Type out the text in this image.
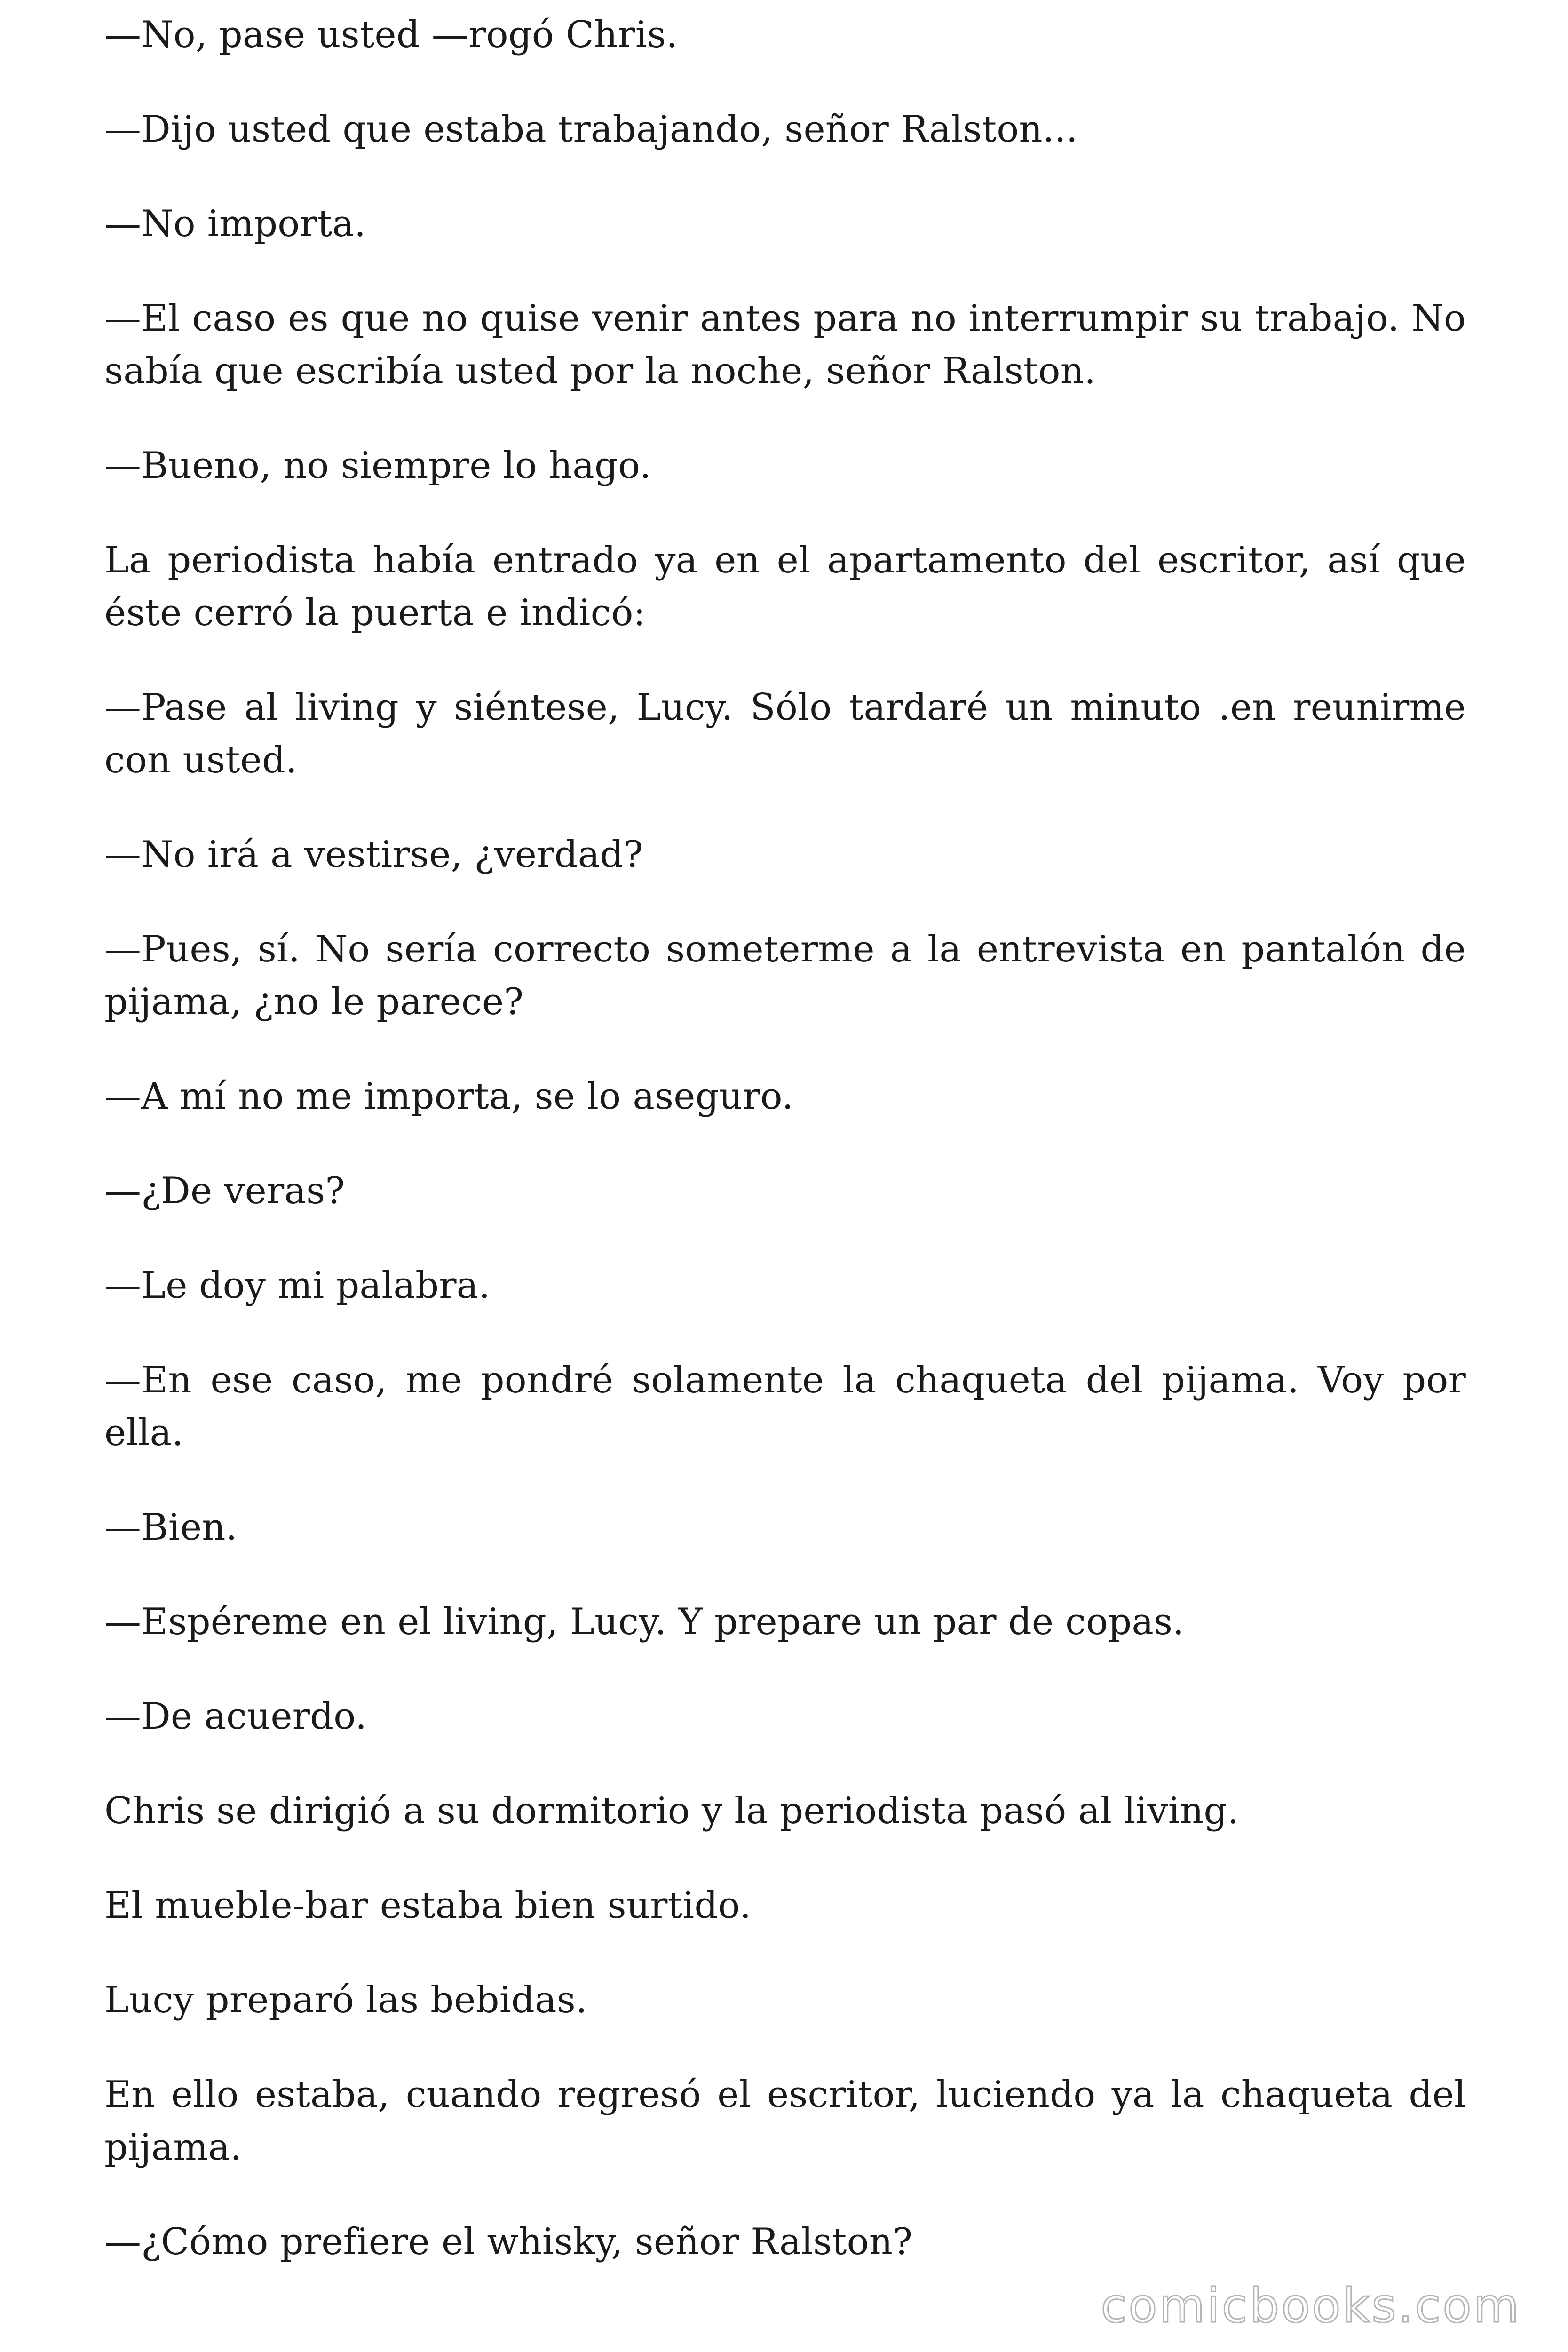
—No, pase usted —rogó Chris.

—Dijo usted que estaba trabajando, señor Ralston...

—No importa.

—El caso es que no quise venir antes para no interrumpir su trabajo. No sabía que escribía usted por la noche, señor Ralston.

—Bueno, no siempre lo hago.

La periodista había entrado ya en el apartamento del escritor, así que éste cerró la puerta e indicó:

—Pase al living y siéntese, Lucy. Sólo tardaré un minuto .en reunirme con usted.

—No irá a vestirse, ¿verdad?

—Pues, sí. No sería correcto someterme a la entrevista en pantalón de pijama, ¿no le parece?

—A mí no me importa, se lo aseguro.

—¿De veras?

—Le doy mi palabra.

—En ese caso, me pondré solamente la chaqueta del pijama. Voy por ella.

—Bien.

—Espéreme en el living, Lucy. Y prepare un par de copas.

—De acuerdo.

Chris se dirigió a su dormitorio y la periodista pasó al living.

El mueble-bar estaba bien surtido.

Lucy preparó las bebidas.

En ello estaba, cuando regresó el escritor, luciendo ya la chaqueta del pijama.

—¿Cómo prefiere el whisky, señor Ralston?

comicbooks.com
